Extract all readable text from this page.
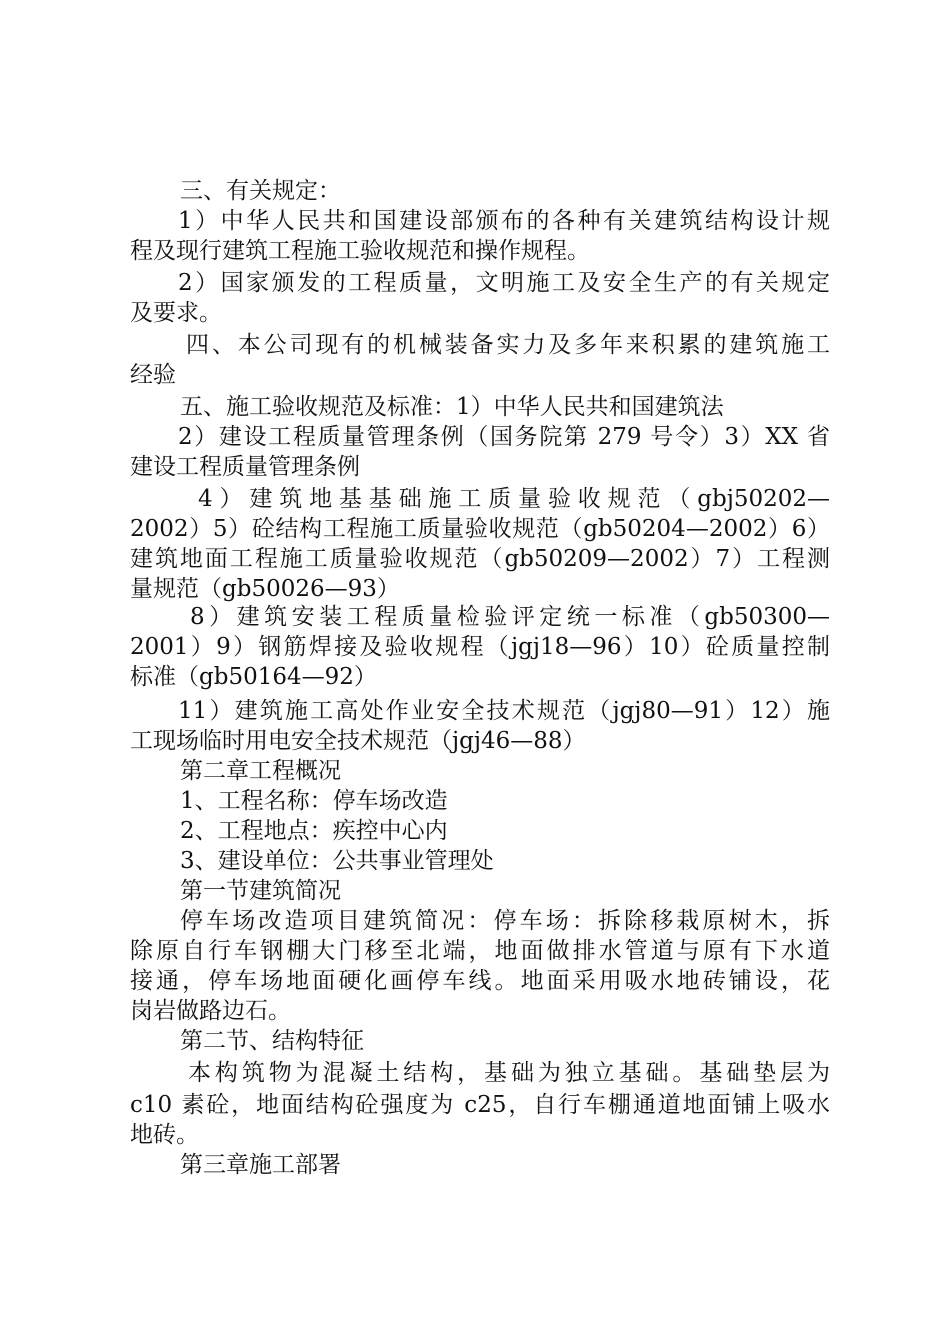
三、有关规定：
1）中华人民共和国建设部颁布的各种有关建筑结构设计规
程及现行建筑工程施工验收规范和操作规程。
2）国家颁发的工程质量，文明施工及安全生产的有关规定
及要求。
四、本公司现有的机械装备实力及多年来积累的建筑施工
经验
五、施工验收规范及标准：1）中华人民共和国建筑法
2）建设工程质量管理条例（国务院第 279 号令）3）XX 省
建设工程质量管理条例
4）建筑地基基础施工质量验收规范（gbj50202—
2002）5）砼结构工程施工质量验收规范（gb50204—2002）6）
建筑地面工程施工质量验收规范（gb50209—2002）7）工程测
量规范（gb50026—93）
8）建筑安装工程质量检验评定统一标准（gb50300—
2001）9）钢筋焊接及验收规程（jgj18—96）10）砼质量控制
标准（gb50164—92）
11）建筑施工高处作业安全技术规范（jgj80—91）12）施
工现场临时用电安全技术规范（jgj46—88）
第二章工程概况
1、工程名称：停车场改造
2、工程地点：疾控中心内
3、建设单位：公共事业管理处
第一节建筑简况
停车场改造项目建筑简况：停车场：拆除移栽原树木，拆
除原自行车钢棚大门移至北端，地面做排水管道与原有下水道
接通，停车场地面硬化画停车线。地面采用吸水地砖铺设，花
岗岩做路边石。
第二节、结构特征
本构筑物为混凝土结构，基础为独立基础。基础垫层为
c10 素砼，地面结构砼强度为 c25，自行车棚通道地面铺上吸水
地砖。
第三章施工部署
